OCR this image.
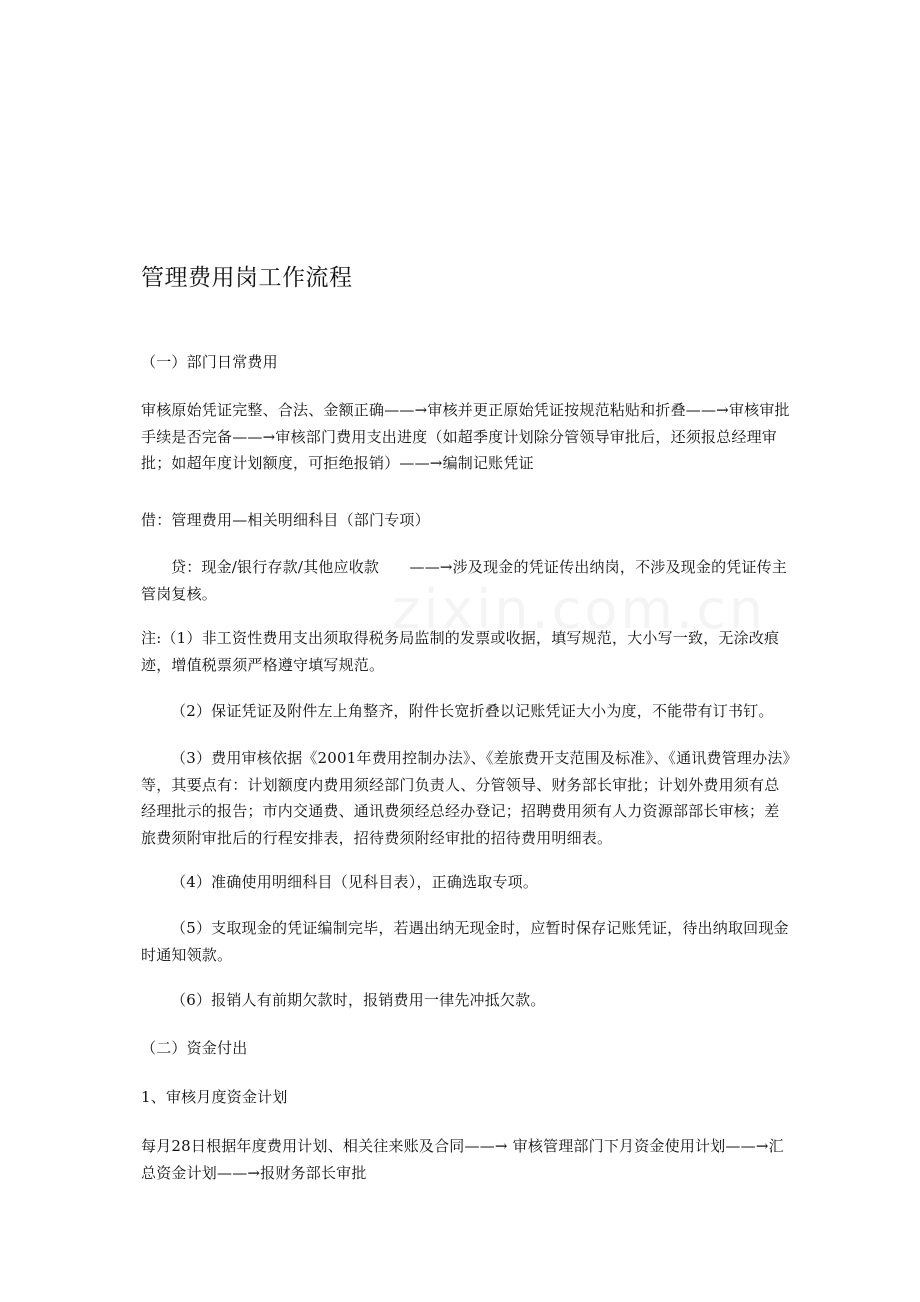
管理费用岗工作流程

（一）部门日常费用

审核原始凭证完整、合法、金额正确——→审核并更正原始凭证按规范粘贴和折叠——→审核审批手续是否完备——→审核部门费用支出进度（如超季度计划除分管领导审批后，还须报总经理审批；如超年度计划额度，可拒绝报销）——→编制记账凭证

借：管理费用—相关明细科目（部门专项）

贷：现金/银行存款/其他应收款　　——→涉及现金的凭证传出纳岗，不涉及现金的凭证传主管岗复核。

注:（1）非工资性费用支出须取得税务局监制的发票或收据，填写规范，大小写一致，无涂改痕迹，增值税票须严格遵守填写规范。

（2）保证凭证及附件左上角整齐，附件长宽折叠以记账凭证大小为度，不能带有订书钉。

（3）费用审核依据《2001年费用控制办法》、《差旅费开支范围及标准》、《通讯费管理办法》等，其要点有：计划额度内费用须经部门负责人、分管领导、财务部长审批；计划外费用须有总经理批示的报告；市内交通费、通讯费须经总经办登记；招聘费用须有人力资源部部长审核；差旅费须附审批后的行程安排表，招待费须附经审批的招待费用明细表。

（4）准确使用明细科目（见科目表），正确选取专项。

（5）支取现金的凭证编制完毕，若遇出纳无现金时，应暂时保存记账凭证，待出纳取回现金时通知领款。

（6）报销人有前期欠款时，报销费用一律先冲抵欠款。

（二）资金付出

1、审核月度资金计划

每月28日根据年度费用计划、相关往来账及合同——→ 审核管理部门下月资金使用计划——→汇总资金计划——→报财务部长审批
